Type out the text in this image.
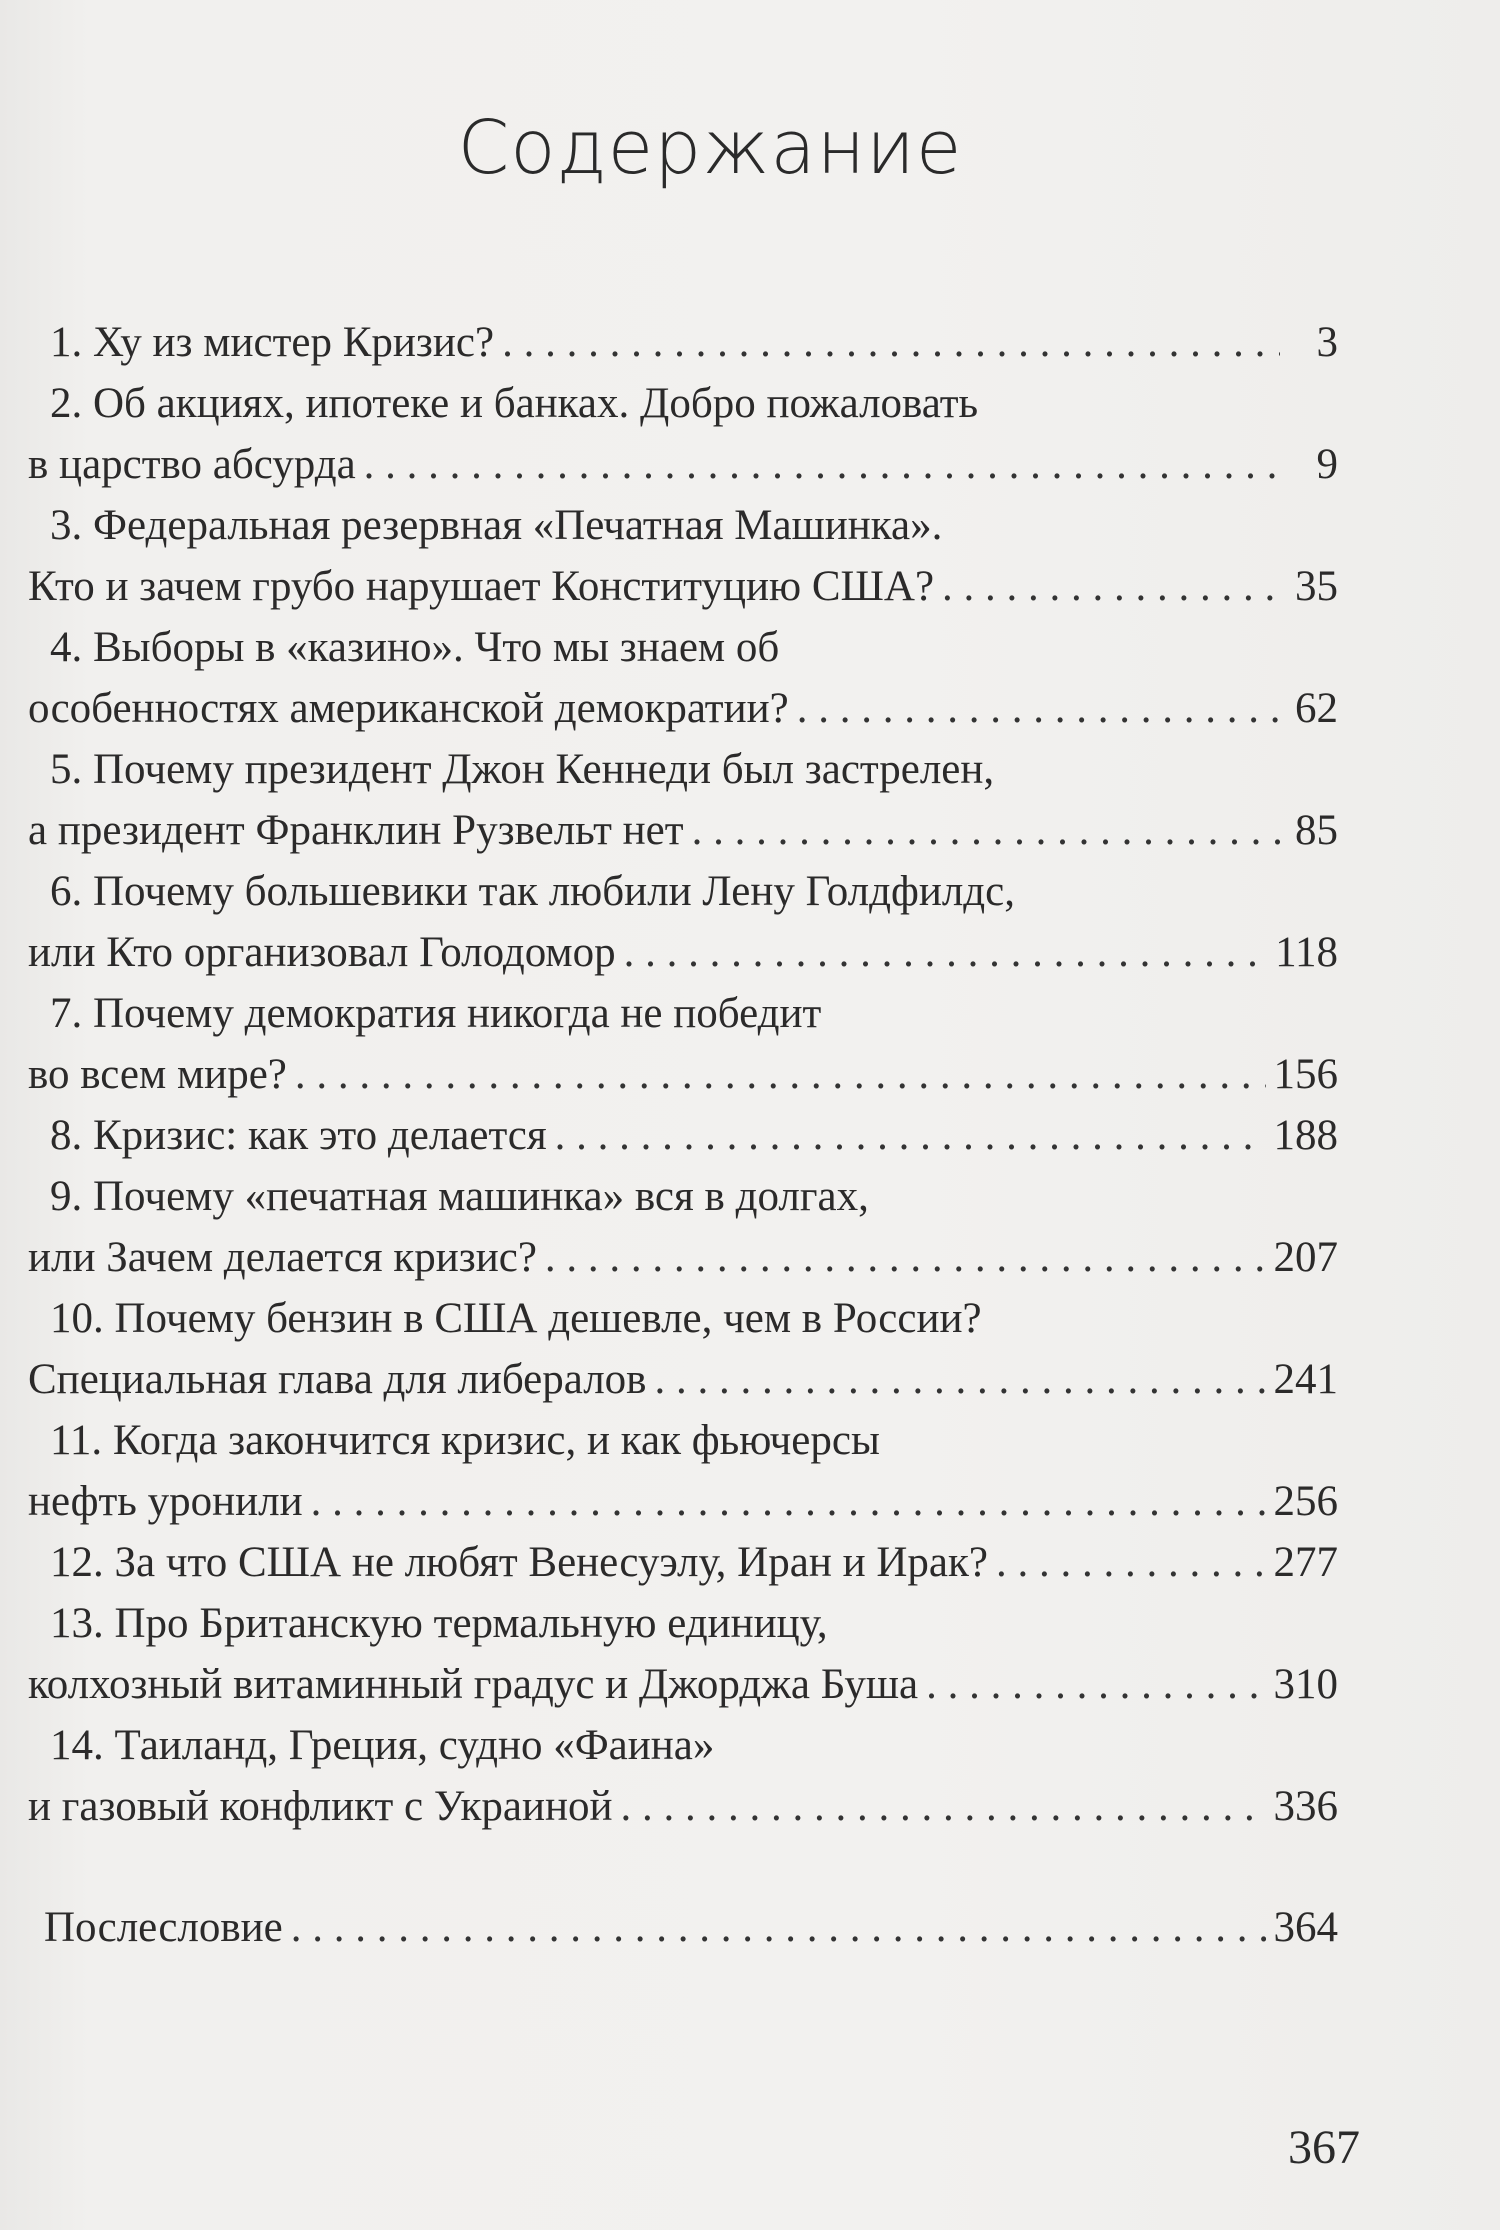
Содержание
1. Ху из мистер Кризис? . . .	3
2. Об акциях, ипотеке и банках. Добро пожаловать
в царство абсурда . . .	9
3. Федеральная резервная «Печатная Машинка».
Кто и зачем грубо нарушает Конституцию США? . . .	35
4. Выборы в «казино». Что мы знаем об
особенностях американской демократии? . . .	62
5. Почему президент Джон Кеннеди был застрелен,
а президент Франклин Рузвельт нет . . .	85
6. Почему большевики так любили Лену Голдфилдс,
или Кто организовал Голодомор . . .	118
7. Почему демократия никогда не победит
во всем мире? . . .	156
8. Кризис: как это делается . . .	188
9. Почему «печатная машинка» вся в долгах,
или Зачем делается кризис? . . .	207
10. Почему бензин в США дешевле, чем в России?
Специальная глава для либералов . . .	241
11. Когда закончится кризис, и как фьючерсы
нефть уронили . . .	256
12. За что США не любят Венесуэлу, Иран и Ирак? . . .	277
13. Про Британскую термальную единицу,
колхозный витаминный градус и Джорджа Буша . . .	310
14. Таиланд, Греция, судно «Фаина»
и газовый конфликт с Украиной . . .	336
Послесловие . . .	364
367
